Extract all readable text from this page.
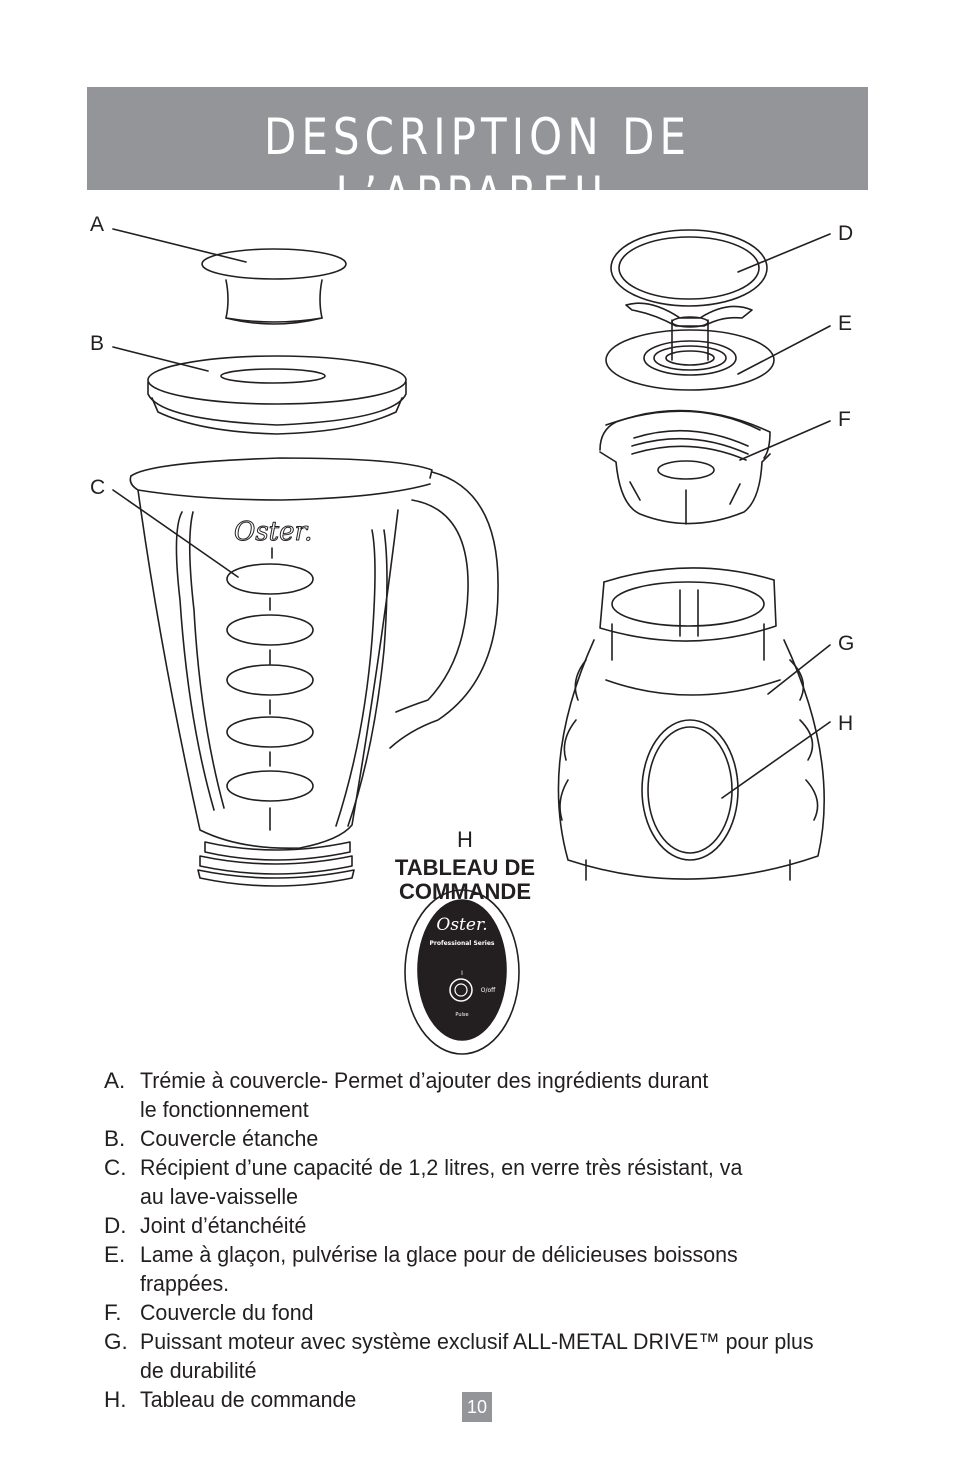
DESCRIPTION DE L’APPAREIL
A
B
C
D
E
F
G
H
Oster.
Oster.
Professional Series
I
O/off
Pulse
H
TABLEAU DE
COMMANDE
A. Trémie à couvercle- Permet d’ajouter des ingrédients durant
le fonctionnement
B. Couvercle étanche
C. Récipient d’une capacité de 1,2 litres, en verre très résistant, va
au lave-vaisselle
D. Joint d’étanchéité
E. Lame à glaçon, pulvérise la glace pour de délicieuses boissons frappées.
F. Couvercle du fond
G. Puissant moteur avec système exclusif ALL-METAL DRIVE™ pour plus
de durabilité
H. Tableau de commande	10
